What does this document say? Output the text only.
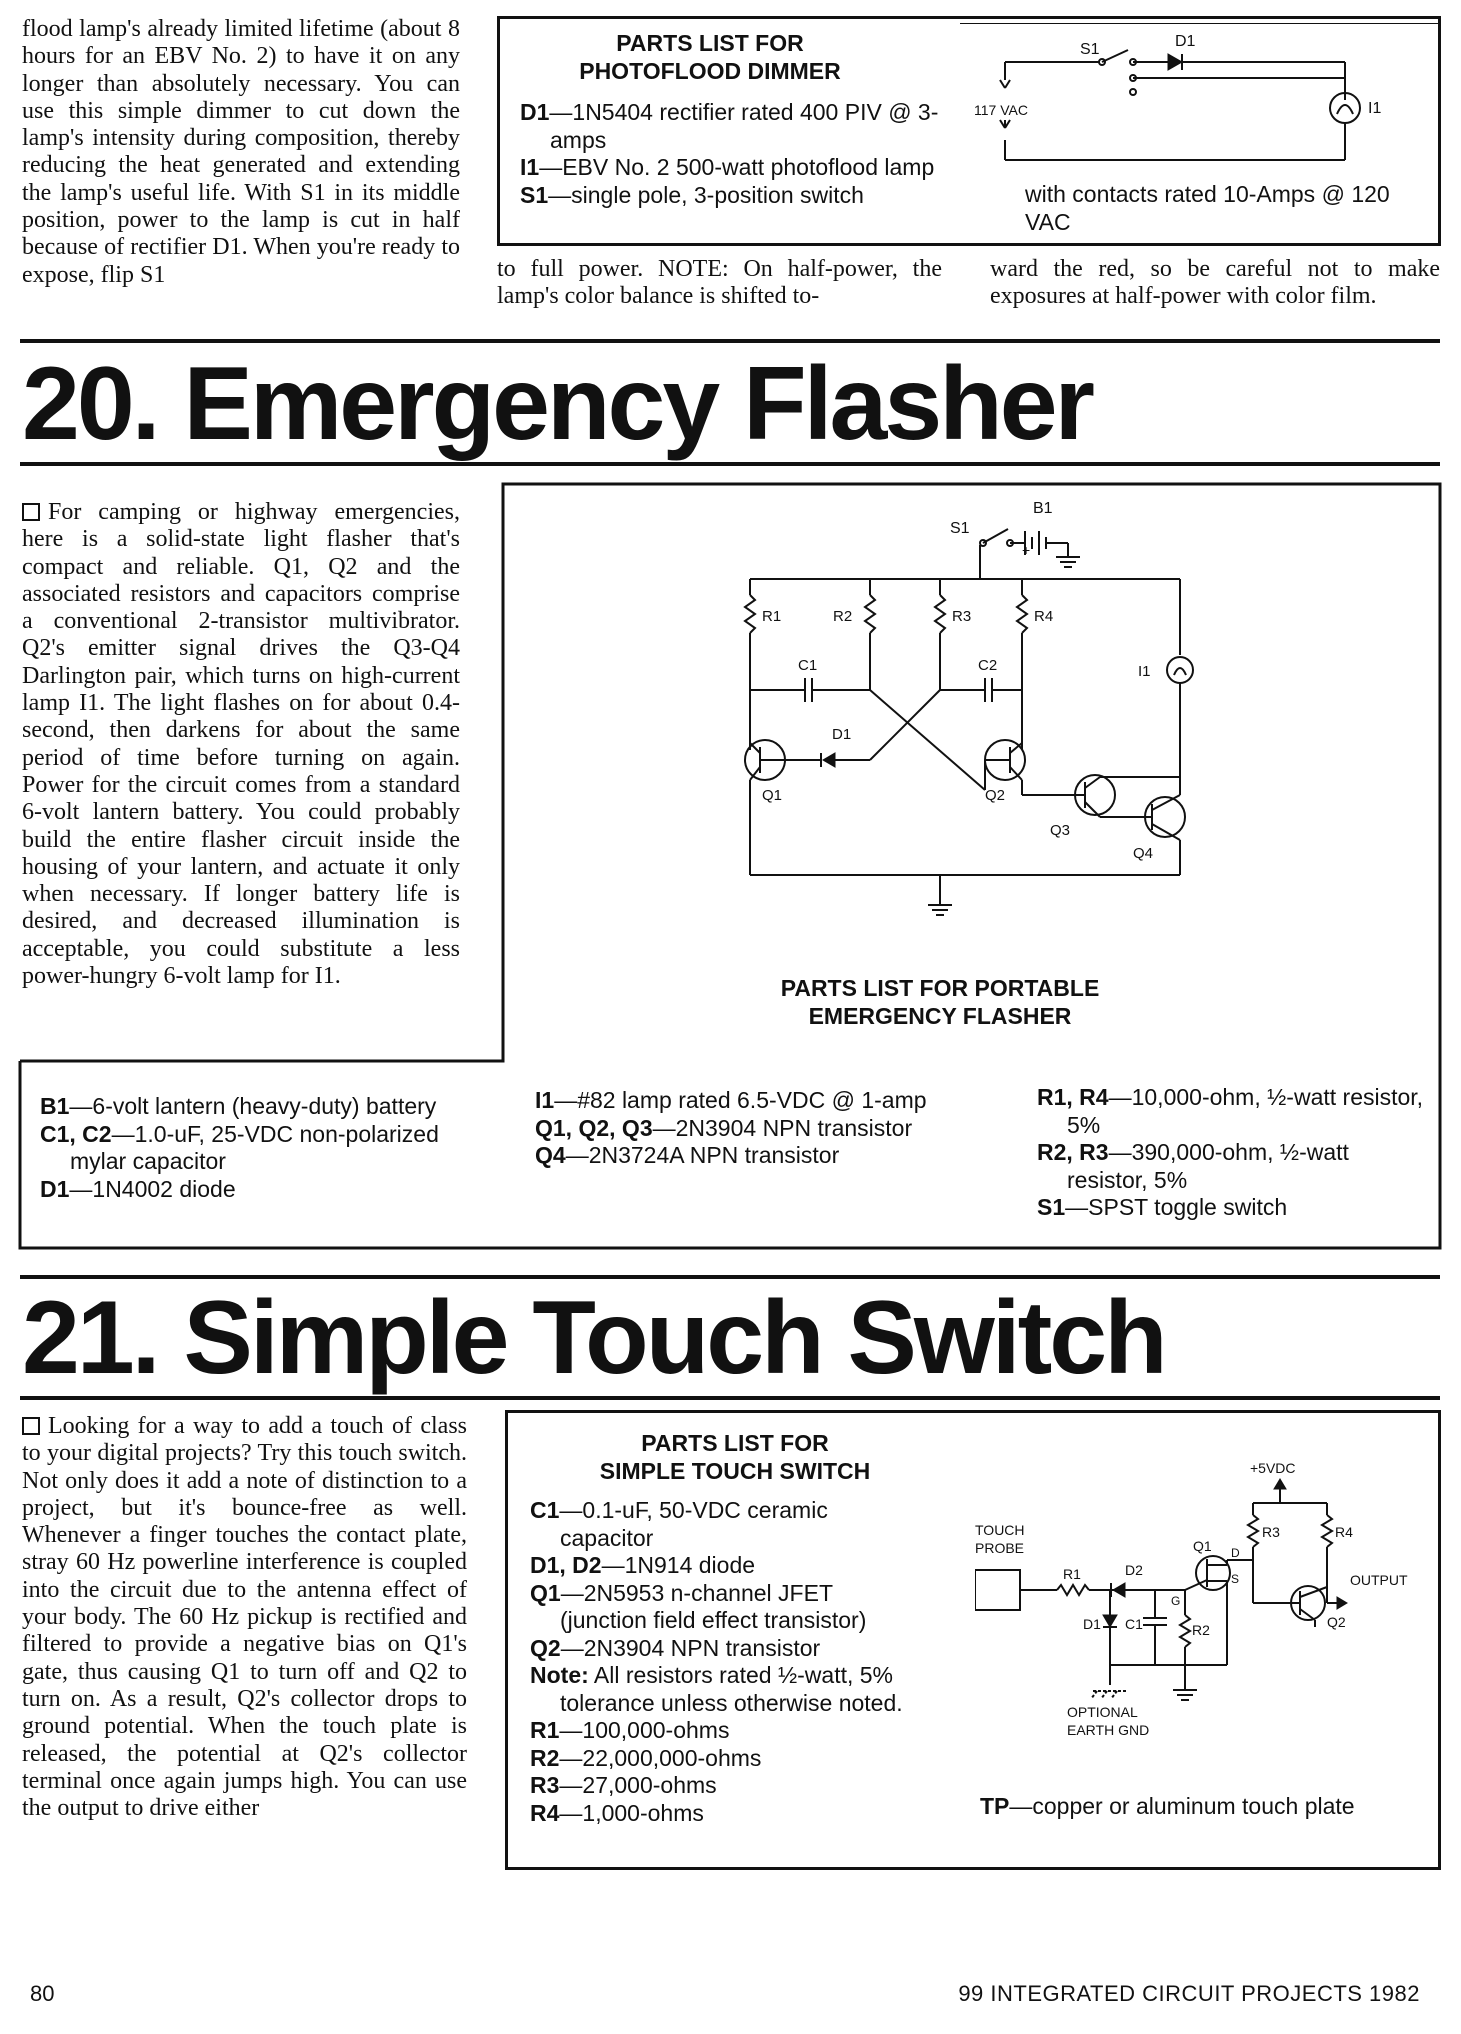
flood lamp's already limited lifetime (about 8 hours for an EBV No. 2) to have it on any longer than absolutely necessary. You can use this simple dimmer to cut down the lamp's intensity during composition, thereby reducing the heat generated and extending the lamp's useful life. With S1 in its middle position, power to the lamp is cut in half because of rectifier D1. When you're ready to expose, flip S1
PARTS LIST FOR
PHOTOFLOOD DIMMER
D1—1N5404 rectifier rated 400 PIV @ 3-amps
I1—EBV No. 2 500-watt photoflood lamp
S1—single pole, 3-position switch	with contacts rated 10-Amps @ 120 VAC
S1	D1
I1
117 VAC
to full power. NOTE: On half-power, the lamp's color balance is shifted to-
ward the red, so be careful not to make exposures at half-power with color film.
20. Emergency Flasher
For camping or highway emergencies, here is a solid-state light flasher that's compact and reliable. Q1, Q2 and the associated resistors and capacitors comprise a conventional 2-transistor multivibrator. Q2's emitter signal drives the Q3-Q4 Darlington pair, which turns on high-current lamp I1. The light flashes on for about 0.4-second, then darkens for about the same period of time before turning on again. Power for the circuit comes from a standard 6-volt lantern battery. You could probably build the entire flasher circuit inside the housing of your lantern, and actuate it only when necessary. If longer battery life is desired, and decreased illumination is acceptable, you could substitute a less power-hungry 6-volt lamp for I1.
S1
B1
+
R1	R2	R3	R4
C1	C2
D1
Q1	Q2
Q3
Q4
I1
PARTS LIST FOR PORTABLE
EMERGENCY FLASHER
B1—6-volt lantern (heavy-duty) battery
C1, C2—1.0-uF, 25-VDC non-polarized mylar capacitor
D1—1N4002 diode
I1—#82 lamp rated 6.5-VDC @ 1-amp
Q1, Q2, Q3—2N3904 NPN transistor
Q4—2N3724A NPN transistor
R1, R4—10,000-ohm, ½-watt resistor, 5%
R2, R3—390,000-ohm, ½-watt resistor, 5%
S1—SPST toggle switch
21. Simple Touch Switch
Looking for a way to add a touch of class to your digital projects? Try this touch switch. Not only does it add a note of distinction to a project, but it's bounce-free as well. Whenever a finger touches the contact plate, stray 60 Hz powerline interference is coupled into the circuit due to the antenna effect of your body. The 60 Hz pickup is rectified and filtered to provide a negative bias on Q1's gate, thus causing Q1 to turn off and Q2 to turn on. As a result, Q2's collector drops to ground potential. When the touch plate is released, the potential at Q2's collector terminal once again jumps high. You can use the output to drive either
PARTS LIST FOR
SIMPLE TOUCH SWITCH
C1—0.1-uF, 50-VDC ceramic capacitor
D1, D2—1N914 diode
Q1—2N5953 n-channel JFET (junction field effect transistor)
Q2—2N3904 NPN transistor
Note: All resistors rated ½-watt, 5% tolerance unless otherwise noted.
R1—100,000-ohms
R2—22,000,000-ohms
R3—27,000-ohms
R4—1,000-ohms	TP—copper or aluminum touch plate
+5VDC
R3	R4
OUTPUT
TOUCH
PROBE
R1	D2
D1 C1	R2
G
Q1 D
S
Q2
OPTIONAL
EARTH GND
80	99 INTEGRATED CIRCUIT PROJECTS 1982
